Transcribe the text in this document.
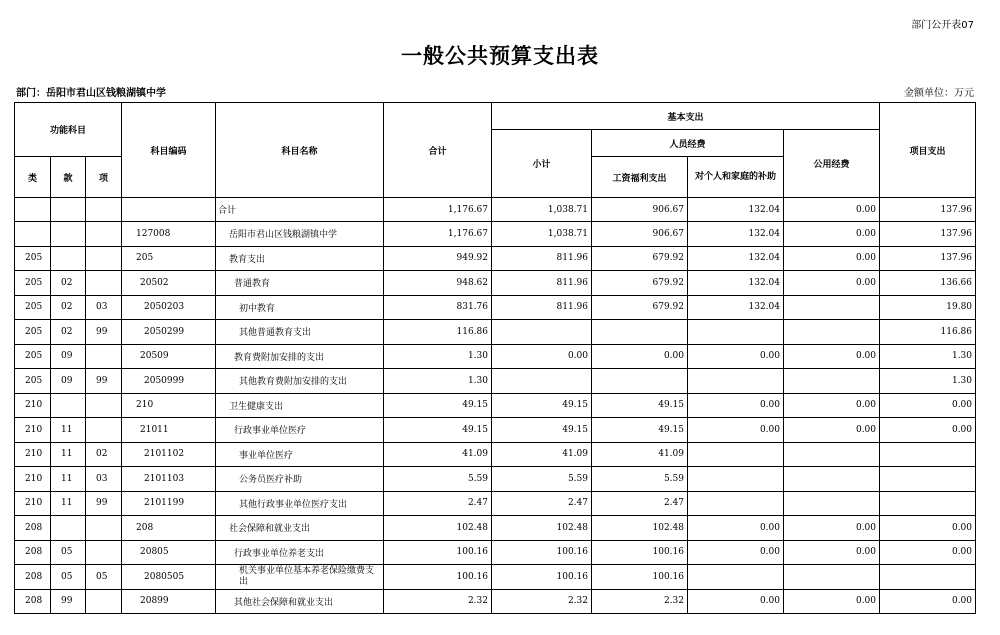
部门公开表07
一般公共预算支出表
部门：岳阳市君山区钱粮湖镇中学	金额单位：万元
功能科目			科目编码	科目名称	合计	基本支出				项目支出
						小计	人员经费		公用经费	
类	款	项					工资福利支出	对个人和家庭的补助		
				合计	1,176.67	1,038.71	906.67	132.04	0.00	137.96
			127008	岳阳市君山区钱粮湖镇中学	1,176.67	1,038.71	906.67	132.04	0.00	137.96
205			205	教育支出	949.92	811.96	679.92	132.04	0.00	137.96
205	02		20502	普通教育	948.62	811.96	679.92	132.04	0.00	136.66
205	02	03	2050203	初中教育	831.76	811.96	679.92	132.04		19.80
205	02	99	2050299	其他普通教育支出	116.86					116.86
205	09		20509	教育费附加安排的支出	1.30	0.00	0.00	0.00	0.00	1.30
205	09	99	2050999	其他教育费附加安排的支出	1.30					1.30
210			210	卫生健康支出	49.15	49.15	49.15	0.00	0.00	0.00
210	11		21011	行政事业单位医疗	49.15	49.15	49.15	0.00	0.00	0.00
210	11	02	2101102	事业单位医疗	41.09	41.09	41.09			
210	11	03	2101103	公务员医疗补助	5.59	5.59	5.59			
210	11	99	2101199	其他行政事业单位医疗支出	2.47	2.47	2.47			
208			208	社会保障和就业支出	102.48	102.48	102.48	0.00	0.00	0.00
208	05		20805	行政事业单位养老支出	100.16	100.16	100.16	0.00	0.00	0.00
208	05	05	2080505	机关事业单位基本养老保险缴费支出	100.16	100.16	100.16			
208	99		20899	其他社会保障和就业支出	2.32	2.32	2.32	0.00	0.00	0.00
